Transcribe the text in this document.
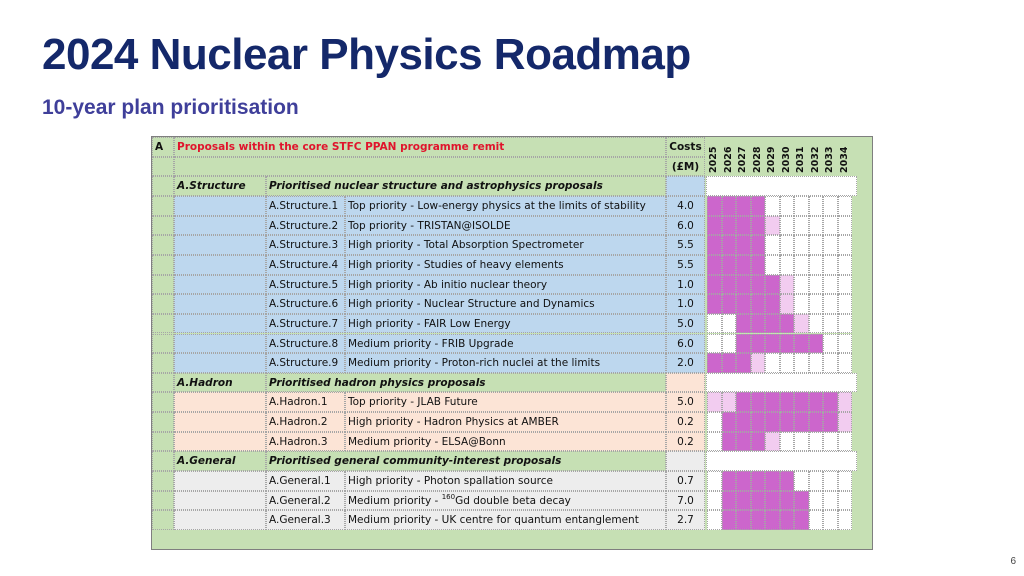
2024 Nuclear Physics Roadmap
10-year plan prioritisation
6
A	Proposals within the core STFC PPAN programme remit	Costs
(£M) 2025 2026 2027 2028 2029 2030 2031 2032 2033 2034
A.Structure	Prioritised nuclear structure and astrophysics proposals
A.Structure.1 Top priority - Low-energy physics at the limits of stability	4.0
A.Structure.2 Top priority - TRISTAN@ISOLDE	6.0
A.Structure.3 High priority - Total Absorption Spectrometer	5.5
A.Structure.4 High priority - Studies of heavy elements	5.5
A.Structure.5 High priority - Ab initio nuclear theory	1.0
A.Structure.6 High priority - Nuclear Structure and Dynamics	1.0
A.Structure.7 High priority - FAIR Low Energy	5.0
A.Structure.8 Medium priority - FRIB Upgrade	6.0
A.Structure.9 Medium priority - Proton-rich nuclei at the limits	2.0
A.Hadron	Prioritised hadron physics proposals
A.Hadron.1	Top priority - JLAB Future	5.0
A.Hadron.2	High priority - Hadron Physics at AMBER	0.2
A.Hadron.3	Medium priority - ELSA@Bonn	0.2
A.General	Prioritised general community-interest proposals
A.General.1	High priority - Photon spallation source	0.7
A.General.2	Medium priority - $^{160}$Gd double beta decay	7.0
A.General.3	Medium priority - UK centre for quantum entanglement	2.7
